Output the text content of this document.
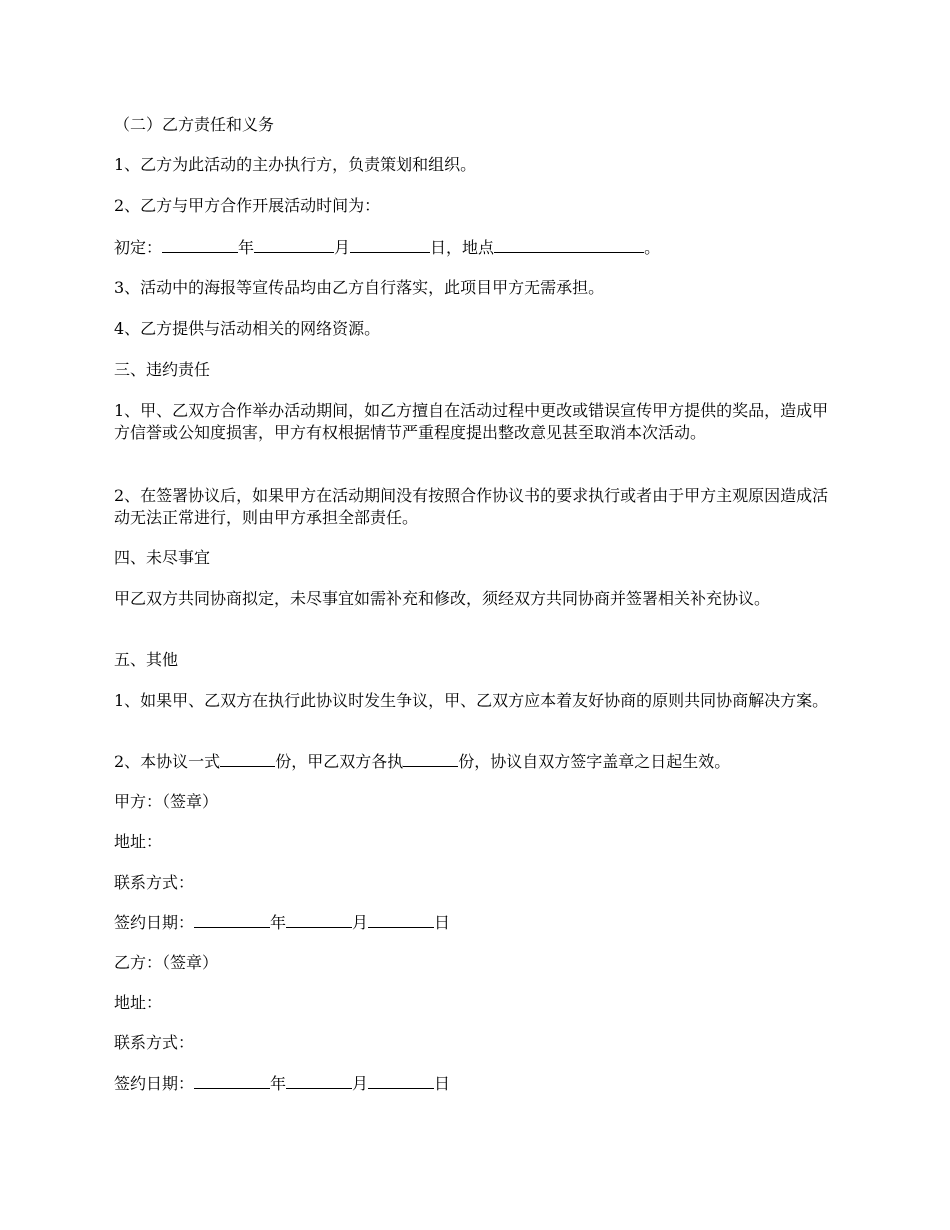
（二）乙方责任和义务

1、乙方为此活动的主办执行方，负责策划和组织。

2、乙方与甲方合作开展活动时间为：

初定：	年	月	日，地点	。

3、活动中的海报等宣传品均由乙方自行落实，此项目甲方无需承担。

4、乙方提供与活动相关的网络资源。

三、违约责任

1、甲、乙双方合作举办活动期间，如乙方擅自在活动过程中更改或错误宣传甲方提供的奖品，造成甲方信誉或公知度损害，甲方有权根据情节严重程度提出整改意见甚至取消本次活动。

2、在签署协议后，如果甲方在活动期间没有按照合作协议书的要求执行或者由于甲方主观原因造成活动无法正常进行，则由甲方承担全部责任。

四、未尽事宜

甲乙双方共同协商拟定，未尽事宜如需补充和修改，须经双方共同协商并签署相关补充协议。

五、其他

1、如果甲、乙双方在执行此协议时发生争议，甲、乙双方应本着友好协商的原则共同协商解决方案。

2、本协议一式	份，甲乙双方各执	份，协议自双方签字盖章之日起生效。

甲方：（签章）

地址：

联系方式：

签约日期：	年	月	日

乙方：（签章）

地址：

联系方式：

签约日期：	年	月	日
